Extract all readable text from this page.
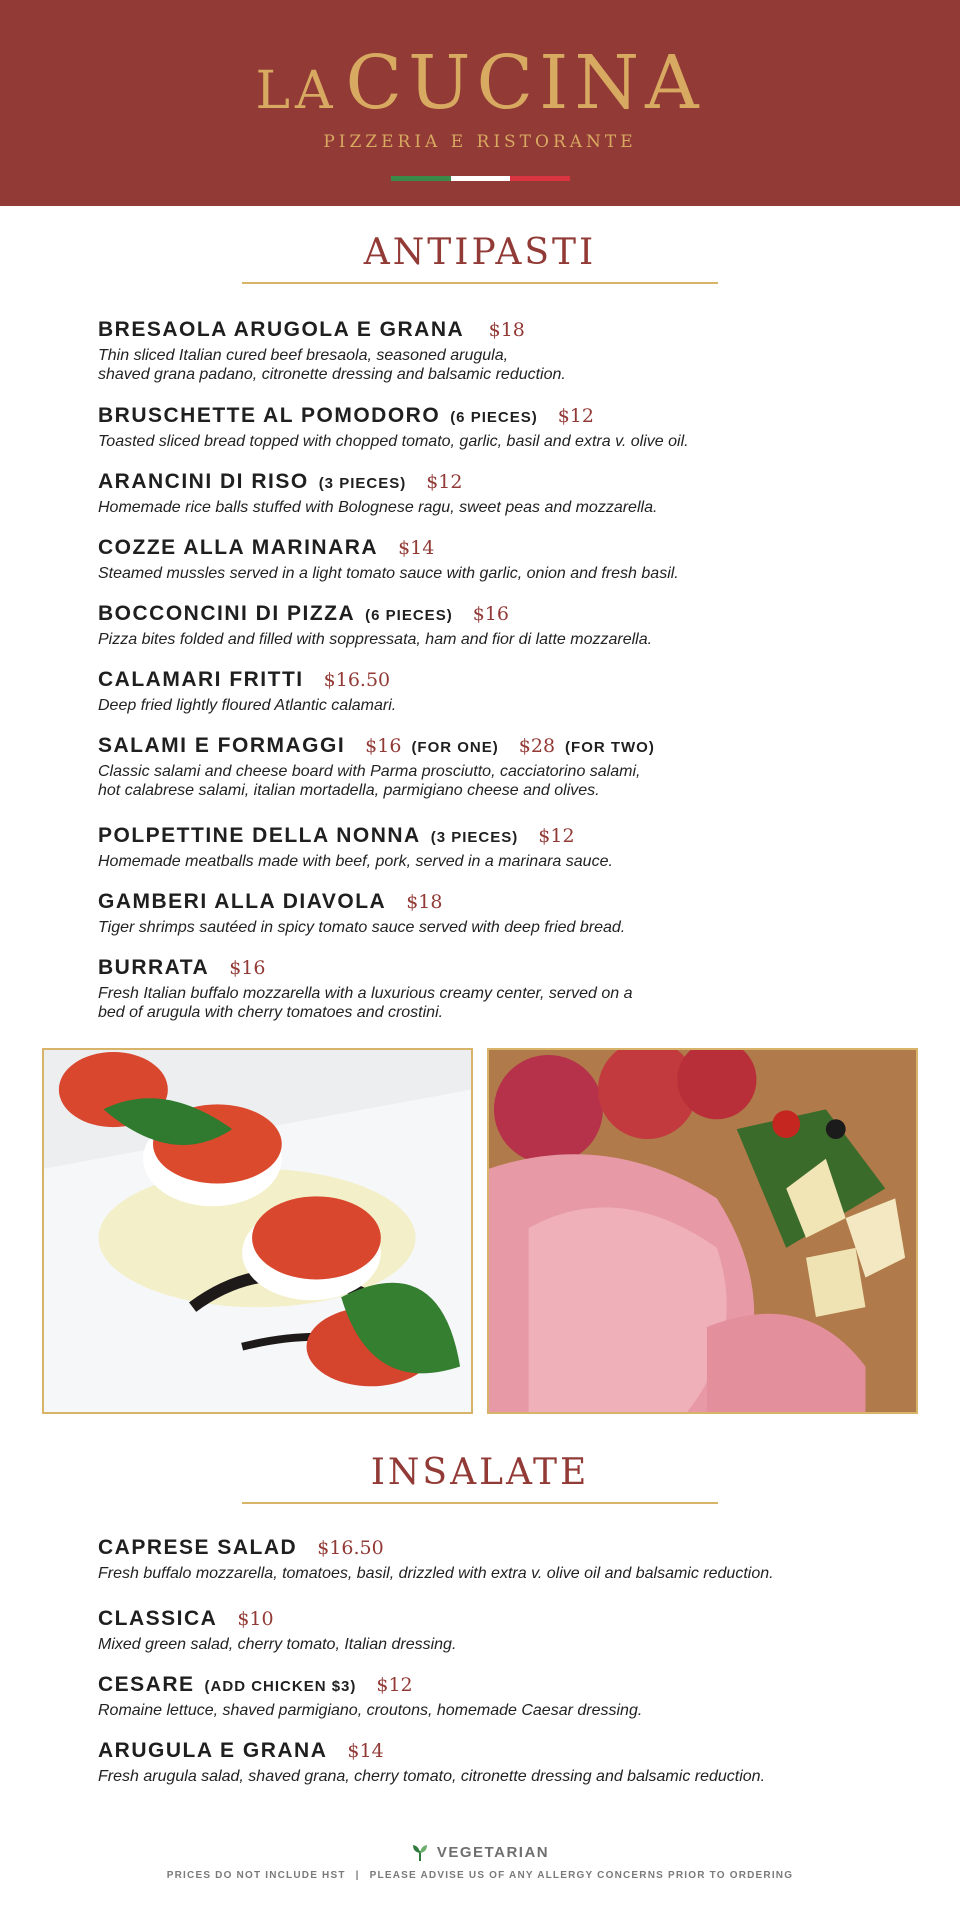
LA CUCINA
PIZZERIA E RISTORANTE
ANTIPASTI
BRESAOLA ARUGOLA E GRANA $18
Thin sliced Italian cured beef bresaola, seasoned arugula,
shaved grana padano, citronette dressing and balsamic reduction.
BRUSCHETTE AL POMODORO (6 PIECES) $12
Toasted sliced bread topped with chopped tomato, garlic, basil and extra v. olive oil.
ARANCINI DI RISO (3 PIECES) $12
Homemade rice balls stuffed with Bolognese ragu, sweet peas and mozzarella.
COZZE ALLA MARINARA $14
Steamed mussles served in a light tomato sauce with garlic, onion and fresh basil.
BOCCONCINI DI PIZZA (6 PIECES) $16
Pizza bites folded and filled with soppressata, ham and fior di latte mozzarella.
CALAMARI FRITTI $16.50
Deep fried lightly floured Atlantic calamari.
SALAMI E FORMAGGI $16 (FOR ONE) $28 (FOR TWO)
Classic salami and cheese board with Parma prosciutto, cacciatorino salami,
hot calabrese salami, italian mortadella, parmigiano cheese and olives.
POLPETTINE DELLA NONNA (3 PIECES) $12
Homemade meatballs made with beef, pork, served in a marinara sauce.
GAMBERI ALLA DIAVOLA $18
Tiger shrimps sautéed in spicy tomato sauce served with deep fried bread.
BURRATA $16
Fresh Italian buffalo mozzarella with a luxurious creamy center, served on a
bed of arugula with cherry tomatoes and crostini.
INSALATE
CAPRESE SALAD $16.50
Fresh buffalo mozzarella, tomatoes, basil, drizzled with extra v. olive oil and balsamic reduction.
CLASSICA $10
Mixed green salad, cherry tomato, Italian dressing.
CESARE (ADD CHICKEN $3) $12
Romaine lettuce, shaved parmigiano, croutons, homemade Caesar dressing.
ARUGULA E GRANA $14
Fresh arugula salad, shaved grana, cherry tomato, citronette dressing and balsamic reduction.
VEGETARIAN
PRICES DO NOT INCLUDE HST | PLEASE ADVISE US OF ANY ALLERGY CONCERNS PRIOR TO ORDERING
